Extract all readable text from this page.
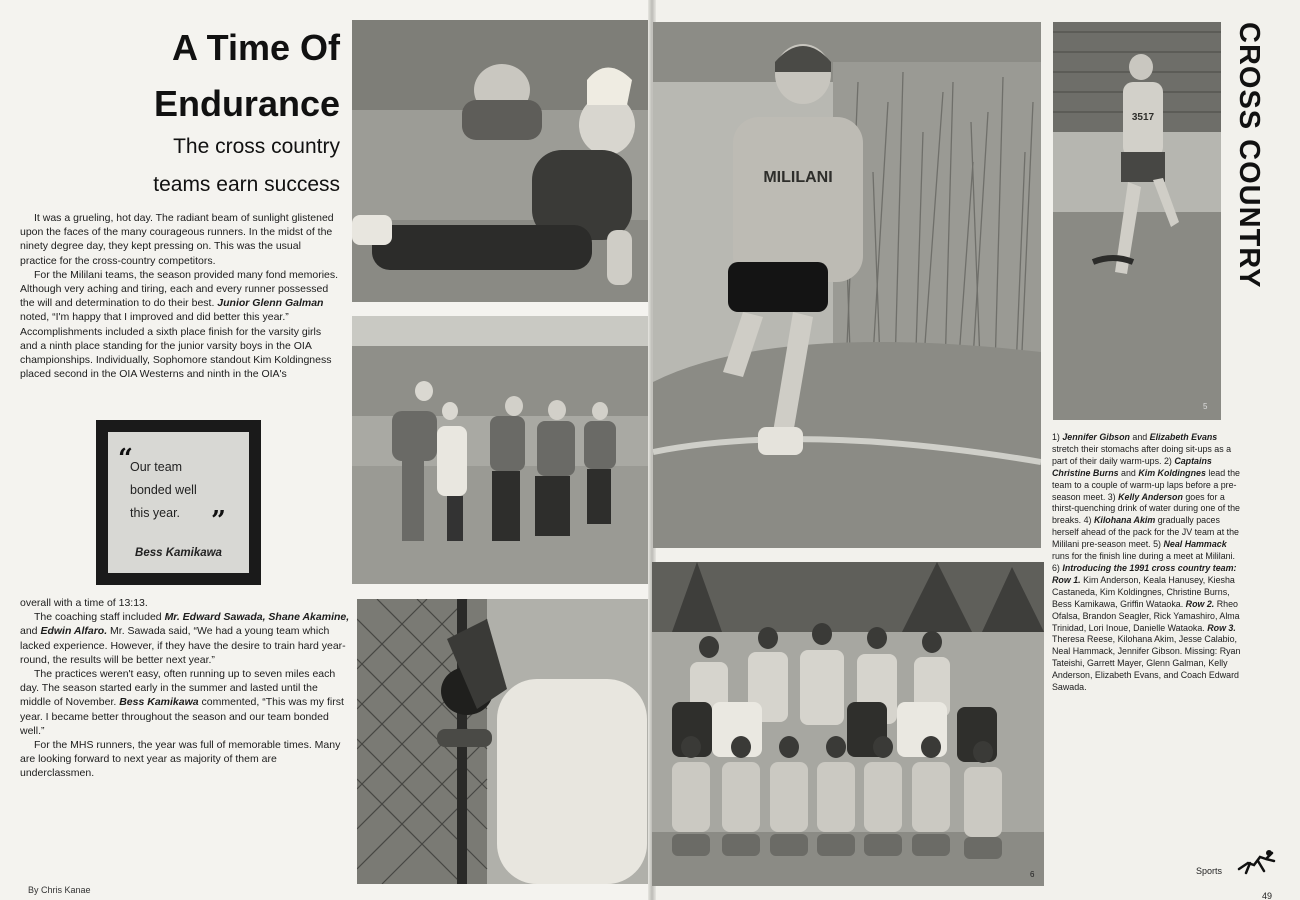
A Time Of
Endurance
The cross country
teams earn success

It was a grueling, hot day. The radiant beam of sunlight glistened upon the faces of the many courageous runners. In the midst of the ninety degree day, they kept pressing on. This was the usual practice for the cross-country competitors.

For the Mililani teams, the season provided many fond memories. Although very aching and tiring, each and every runner possessed the will and determination to do their best. Junior Glenn Galman noted, “I'm happy that I improved and did better this year.” Accomplishments included a sixth place finish for the varsity girls and a ninth place standing for the junior varsity boys in the OIA championships. Individually, Sophomore standout Kim Koldingness placed second in the OIA Westerns and ninth in the OIA's

“
Our team
bonded well
this year. ”
Bess Kamikawa

overall with a time of 13:13.

The coaching staff included Mr. Edward Sawada, Shane Akamine, and Edwin Alfaro. Mr. Sawada said, “We had a young team which lacked experience. However, if they have the desire to train hard year-round, the results will be better next year.”

The practices weren't easy, often running up to seven miles each day. The season started early in the summer and lasted until the middle of November. Bess Kamikawa commented, “This was my first year. I became better throughout the season and our team bonded well.”

For the MHS runners, the year was full of memorable times. Many are looking forward to next year as majority of them are underclassmen.

By Chris Kanae
MILILANI
3517
5
CROSS COUNTRY
6
1) Jennifer Gibson and Elizabeth Evans stretch their stomachs after doing sit-ups as a part of their daily warm-ups. 2) Captains Christine Burns and Kim Koldingnes lead the team to a couple of warm-up laps before a pre-season meet. 3) Kelly Anderson goes for a thirst-quenching drink of water during one of the breaks. 4) Kilohana Akim gradually paces herself ahead of the pack for the JV team at the Mililani pre-season meet. 5) Neal Hammack runs for the finish line during a meet at Mililani. 6) Introducing the 1991 cross country team: Row 1. Kim Anderson, Keala Hanusey, Kiesha Castaneda, Kim Koldingnes, Christine Burns, Bess Kamikawa, Griffin Wataoka. Row 2. Rheo Ofalsa, Brandon Seagler, Rick Yamashiro, Alma Trinidad, Lori Inoue, Danielle Wataoka. Row 3. Theresa Reese, Kilohana Akim, Jesse Calabio, Neal Hammack, Jennifer Gibson. Missing: Ryan Tateishi, Garrett Mayer, Glenn Galman, Kelly Anderson, Elizabeth Evans, and Coach Edward Sawada.
Sports
49
